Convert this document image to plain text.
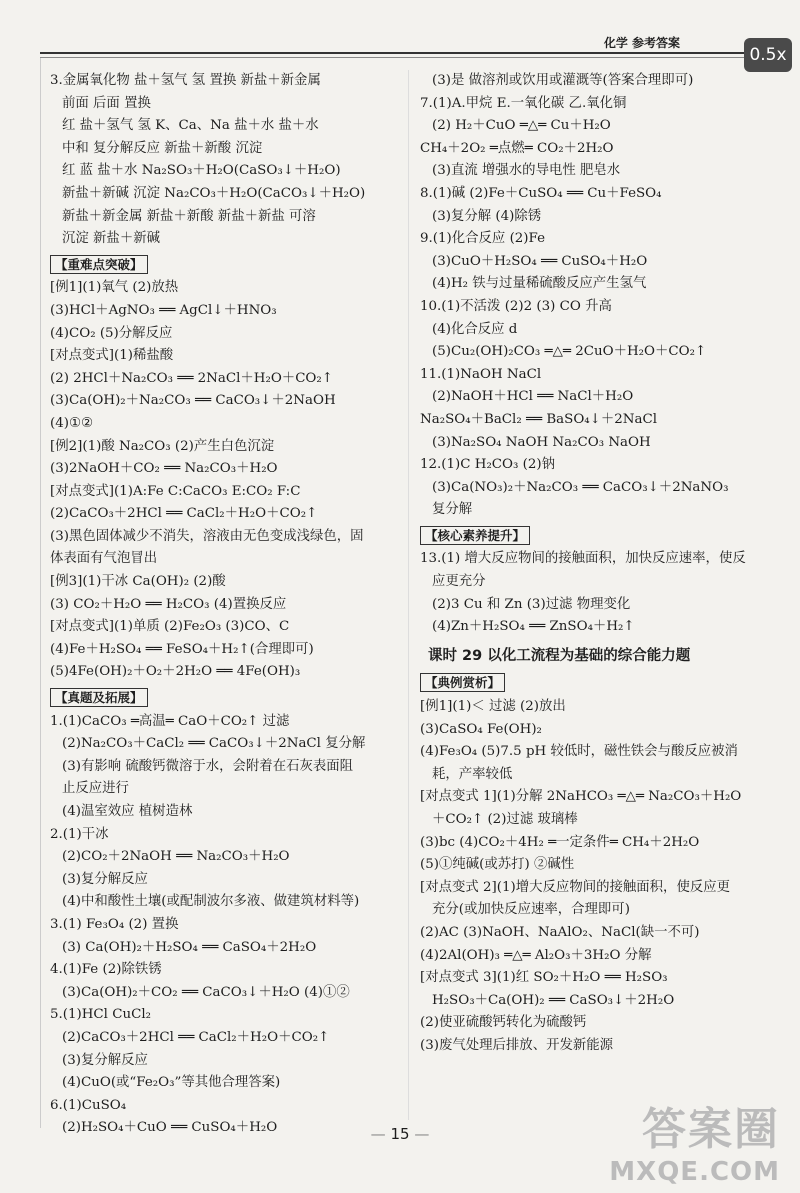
化学 参考答案
0.5x
3.金属氧化物 盐＋氢气 氢 置换 新盐＋新金属
前面 后面 置换
红 盐＋氢气 氢 K、Ca、Na 盐＋水 盐＋水
中和 复分解反应 新盐＋新酸 沉淀
红 蓝 盐＋水 Na₂SO₃＋H₂O(CaSO₃↓＋H₂O)
新盐＋新碱 沉淀 Na₂CO₃＋H₂O(CaCO₃↓＋H₂O)
新盐＋新金属 新盐＋新酸 新盐＋新盐 可溶
沉淀 新盐＋新碱
【重难点突破】
[例1](1)氧气 (2)放热
(3)HCl＋AgNO₃ ══ AgCl↓＋HNO₃
(4)CO₂ (5)分解反应
[对点变式](1)稀盐酸
(2) 2HCl＋Na₂CO₃ ══ 2NaCl＋H₂O＋CO₂↑
(3)Ca(OH)₂＋Na₂CO₃ ══ CaCO₃↓＋2NaOH
(4)①②
[例2](1)酸 Na₂CO₃ (2)产生白色沉淀
(3)2NaOH＋CO₂ ══ Na₂CO₃＋H₂O
[对点变式](1)A:Fe C:CaCO₃ E:CO₂ F:C
(2)CaCO₃＋2HCl ══ CaCl₂＋H₂O＋CO₂↑
(3)黑色固体减少不消失，溶液由无色变成浅绿色，固
体表面有气泡冒出
[例3](1)干冰 Ca(OH)₂ (2)酸
(3) CO₂＋H₂O ══ H₂CO₃ (4)置换反应
[对点变式](1)单质 (2)Fe₂O₃ (3)CO、C
(4)Fe＋H₂SO₄ ══ FeSO₄＋H₂↑(合理即可)
(5)4Fe(OH)₂＋O₂＋2H₂O ══ 4Fe(OH)₃
【真题及拓展】
1.(1)CaCO₃ ═高温═ CaO＋CO₂↑ 过滤
(2)Na₂CO₃＋CaCl₂ ══ CaCO₃↓＋2NaCl 复分解
(3)有影响 硫酸钙微溶于水，会附着在石灰表面阻
止反应进行
(4)温室效应 植树造林
2.(1)干冰
(2)CO₂＋2NaOH ══ Na₂CO₃＋H₂O
(3)复分解反应
(4)中和酸性土壤(或配制波尔多液、做建筑材料等)
3.(1) Fe₃O₄ (2) 置换
(3) Ca(OH)₂＋H₂SO₄ ══ CaSO₄＋2H₂O
4.(1)Fe (2)除铁锈
(3)Ca(OH)₂＋CO₂ ══ CaCO₃↓＋H₂O (4)①②
5.(1)HCl CuCl₂
(2)CaCO₃＋2HCl ══ CaCl₂＋H₂O＋CO₂↑
(3)复分解反应
(4)CuO(或“Fe₂O₃”等其他合理答案)
6.(1)CuSO₄
(2)H₂SO₄＋CuO ══ CuSO₄＋H₂O
(3)是 做溶剂或饮用或灌溉等(答案合理即可)
7.(1)A.甲烷 E.一氧化碳 乙.氧化铜
(2) H₂＋CuO ═△═ Cu＋H₂O
CH₄＋2O₂ ═点燃═ CO₂＋2H₂O
(3)直流 增强水的导电性 肥皂水
8.(1)碱 (2)Fe＋CuSO₄ ══ Cu＋FeSO₄
(3)复分解 (4)除锈
9.(1)化合反应 (2)Fe
(3)CuO＋H₂SO₄ ══ CuSO₄＋H₂O
(4)H₂ 铁与过量稀硫酸反应产生氢气
10.(1)不活泼 (2)2 (3) CO 升高
(4)化合反应 d
(5)Cu₂(OH)₂CO₃ ═△═ 2CuO＋H₂O＋CO₂↑
11.(1)NaOH NaCl
(2)NaOH＋HCl ══ NaCl＋H₂O
Na₂SO₄＋BaCl₂ ══ BaSO₄↓＋2NaCl
(3)Na₂SO₄ NaOH Na₂CO₃ NaOH
12.(1)C H₂CO₃ (2)钠
(3)Ca(NO₃)₂＋Na₂CO₃ ══ CaCO₃↓＋2NaNO₃
复分解
【核心素养提升】
13.(1) 增大反应物间的接触面积，加快反应速率，使反
应更充分
(2)3 Cu 和 Zn (3)过滤 物理变化
(4)Zn＋H₂SO₄ ══ ZnSO₄＋H₂↑
课时 29 以化工流程为基础的综合能力题
【典例赏析】
[例1](1)＜ 过滤 (2)放出
(3)CaSO₄ Fe(OH)₂
(4)Fe₃O₄ (5)7.5 pH 较低时，磁性铁会与酸反应被消
耗，产率较低
[对点变式 1](1)分解 2NaHCO₃ ═△═ Na₂CO₃＋H₂O
＋CO₂↑ (2)过滤 玻璃棒
(3)bc (4)CO₂＋4H₂ ═一定条件═ CH₄＋2H₂O
(5)①纯碱(或苏打) ②碱性
[对点变式 2](1)增大反应物间的接触面积，使反应更
充分(或加快反应速率，合理即可)
(2)AC (3)NaOH、NaAlO₂、NaCl(缺一不可)
(4)2Al(OH)₃ ═△═ Al₂O₃＋3H₂O 分解
[对点变式 3](1)红 SO₂＋H₂O ══ H₂SO₃
H₂SO₃＋Ca(OH)₂ ══ CaSO₃↓＋2H₂O
(2)使亚硫酸钙转化为硫酸钙
(3)废气处理后排放、开发新能源
— 15 —	答案圈
MXQE.COM
